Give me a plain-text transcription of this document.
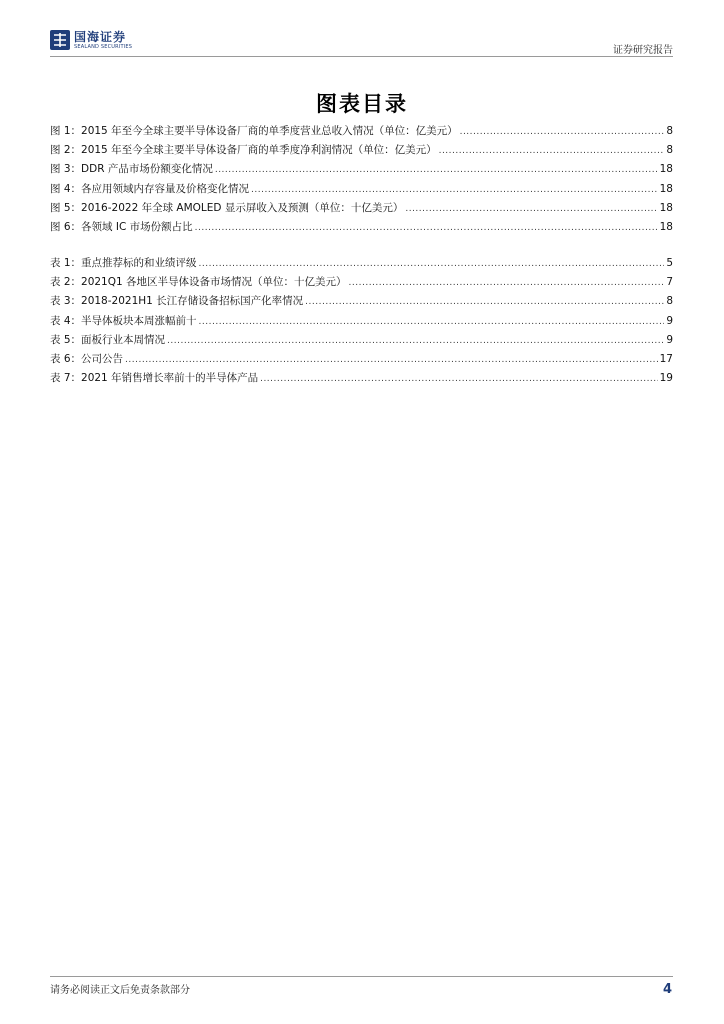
国海证券
SEALAND SECURITIES	证券研究报告
图表目录
图 1：2015 年至今全球主要半导体设备厂商的单季度营业总收入情况（单位：亿美元） .....	8
图 2：2015 年至今全球主要半导体设备厂商的单季度净利润情况（单位：亿美元） .....	8
图 3：DDR 产品市场份额变化情况 .....	18
图 4：各应用领域内存容量及价格变化情况 .....	18
图 5：2016-2022 年全球 AMOLED 显示屏收入及预测（单位：十亿美元） .....	18
图 6：各领域 IC 市场份额占比 .....	18
表 1：重点推荐标的和业绩评级 .....	5
表 2：2021Q1 各地区半导体设备市场情况（单位：十亿美元） .....	7
表 3：2018-2021H1 长江存储设备招标国产化率情况 .....	8
表 4：半导体板块本周涨幅前十 .....	9
表 5：面板行业本周情况 .....	9
表 6：公司公告 .....	17
表 7：2021 年销售增长率前十的半导体产品 .....	19
请务必阅读正文后免责条款部分	4
